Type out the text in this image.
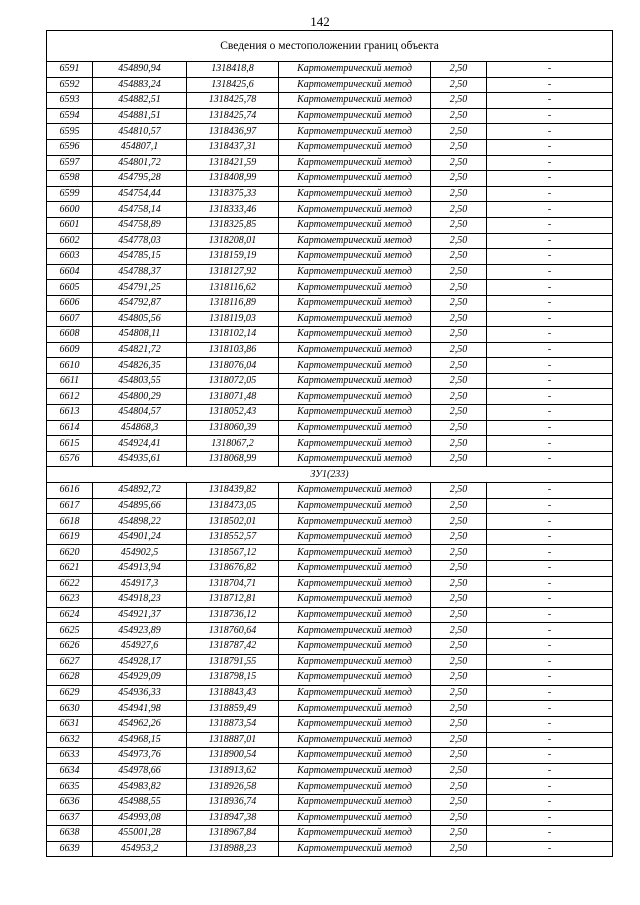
142
Сведения о местоположении границ объекта					
6591	454890,94	1318418,8	Картометрический метод	2,50	-
6592	454883,24	1318425,6	Картометрический метод	2,50	-
6593	454882,51	1318425,78	Картометрический метод	2,50	-
6594	454881,51	1318425,74	Картометрический метод	2,50	-
6595	454810,57	1318436,97	Картометрический метод	2,50	-
6596	454807,1	1318437,31	Картометрический метод	2,50	-
6597	454801,72	1318421,59	Картометрический метод	2,50	-
6598	454795,28	1318408,99	Картометрический метод	2,50	-
6599	454754,44	1318375,33	Картометрический метод	2,50	-
6600	454758,14	1318333,46	Картометрический метод	2,50	-
6601	454758,89	1318325,85	Картометрический метод	2,50	-
6602	454778,03	1318208,01	Картометрический метод	2,50	-
6603	454785,15	1318159,19	Картометрический метод	2,50	-
6604	454788,37	1318127,92	Картометрический метод	2,50	-
6605	454791,25	1318116,62	Картометрический метод	2,50	-
6606	454792,87	1318116,89	Картометрический метод	2,50	-
6607	454805,56	1318119,03	Картометрический метод	2,50	-
6608	454808,11	1318102,14	Картометрический метод	2,50	-
6609	454821,72	1318103,86	Картометрический метод	2,50	-
6610	454826,35	1318076,04	Картометрический метод	2,50	-
6611	454803,55	1318072,05	Картометрический метод	2,50	-
6612	454800,29	1318071,48	Картометрический метод	2,50	-
6613	454804,57	1318052,43	Картометрический метод	2,50	-
6614	454868,3	1318060,39	Картометрический метод	2,50	-
6615	454924,41	1318067,2	Картометрический метод	2,50	-
6576	454935,61	1318068,99	Картометрический метод	2,50	-
ЗУ1(233)					
6616	454892,72	1318439,82	Картометрический метод	2,50	-
6617	454895,66	1318473,05	Картометрический метод	2,50	-
6618	454898,22	1318502,01	Картометрический метод	2,50	-
6619	454901,24	1318552,57	Картометрический метод	2,50	-
6620	454902,5	1318567,12	Картометрический метод	2,50	-
6621	454913,94	1318676,82	Картометрический метод	2,50	-
6622	454917,3	1318704,71	Картометрический метод	2,50	-
6623	454918,23	1318712,81	Картометрический метод	2,50	-
6624	454921,37	1318736,12	Картометрический метод	2,50	-
6625	454923,89	1318760,64	Картометрический метод	2,50	-
6626	454927,6	1318787,42	Картометрический метод	2,50	-
6627	454928,17	1318791,55	Картометрический метод	2,50	-
6628	454929,09	1318798,15	Картометрический метод	2,50	-
6629	454936,33	1318843,43	Картометрический метод	2,50	-
6630	454941,98	1318859,49	Картометрический метод	2,50	-
6631	454962,26	1318873,54	Картометрический метод	2,50	-
6632	454968,15	1318887,01	Картометрический метод	2,50	-
6633	454973,76	1318900,54	Картометрический метод	2,50	-
6634	454978,66	1318913,62	Картометрический метод	2,50	-
6635	454983,82	1318926,58	Картометрический метод	2,50	-
6636	454988,55	1318936,74	Картометрический метод	2,50	-
6637	454993,08	1318947,38	Картометрический метод	2,50	-
6638	455001,28	1318967,84	Картометрический метод	2,50	-
6639	454953,2	1318988,23	Картометрический метод	2,50	-
